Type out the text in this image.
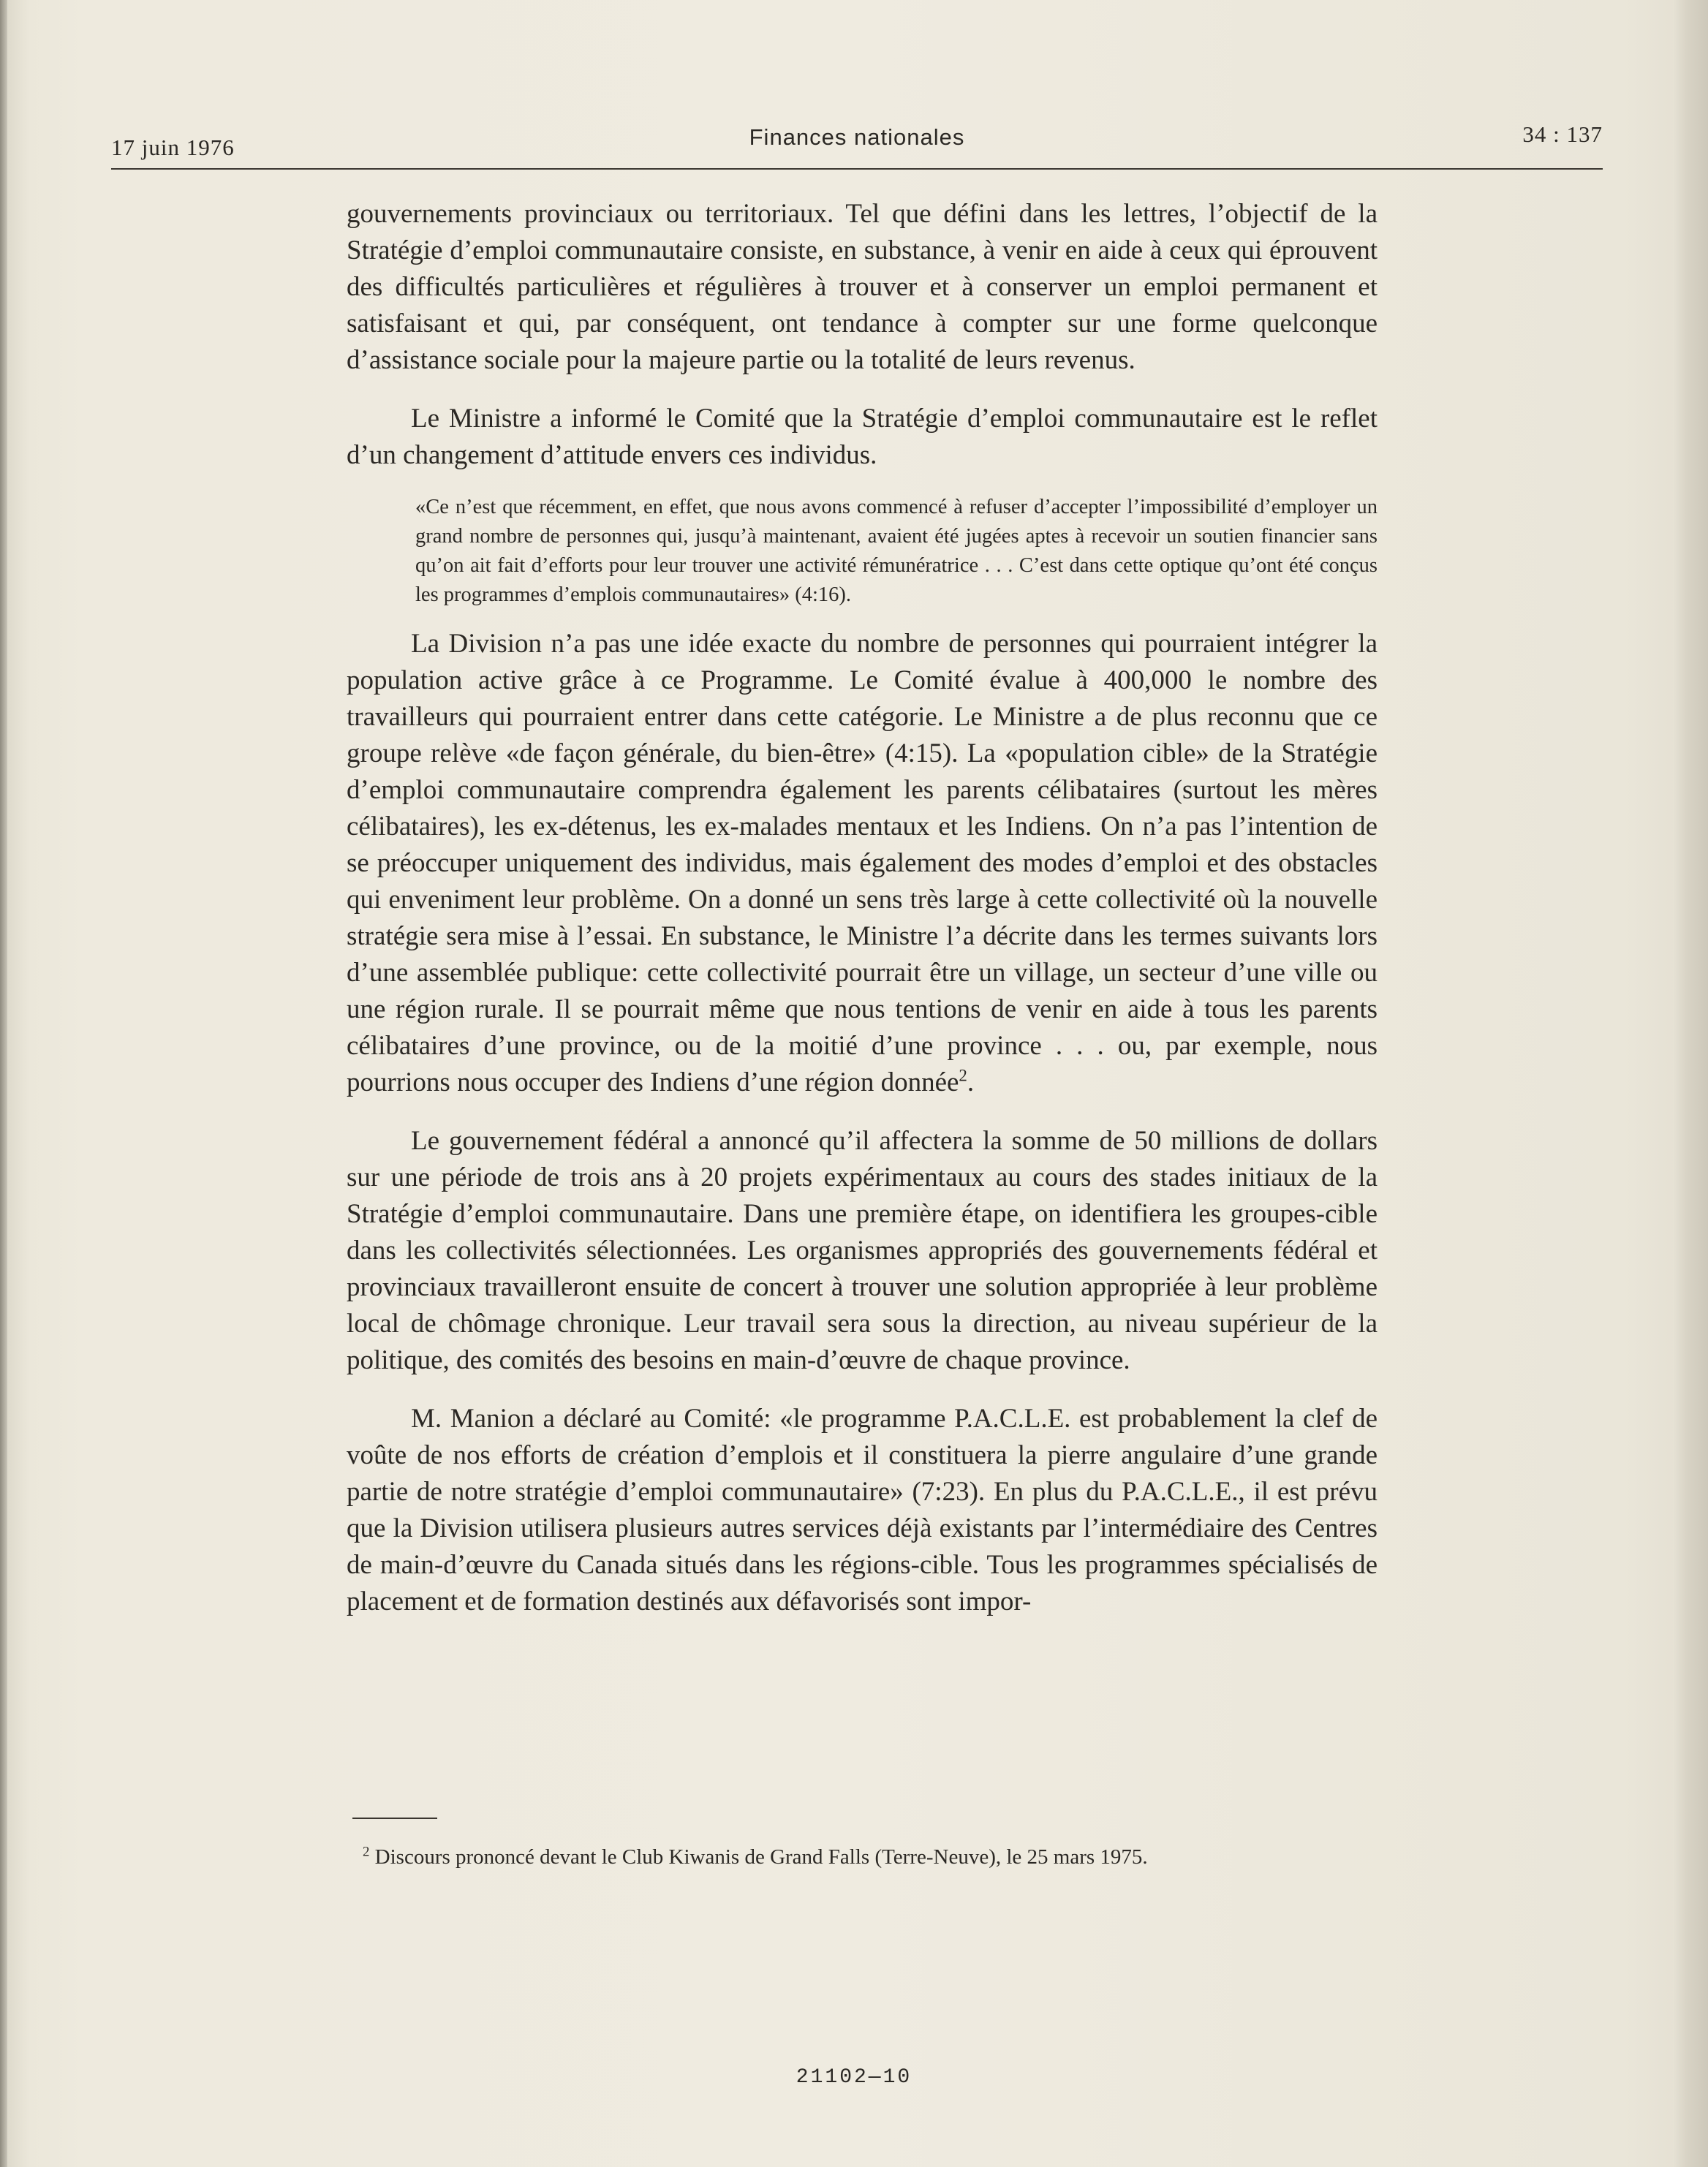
17 juin 1976	Finances nationales	34 : 137

gouvernements provinciaux ou territoriaux. Tel que défini dans les lettres, l’objectif de la Stratégie d’emploi communautaire consiste, en substance, à venir en aide à ceux qui éprouvent des difficultés particulières et régulières à trouver et à conserver un emploi permanent et satisfaisant et qui, par conséquent, ont tendance à compter sur une forme quelconque d’assistance sociale pour la majeure partie ou la totalité de leurs revenus.

Le Ministre a informé le Comité que la Stratégie d’emploi communautaire est le reflet d’un changement d’attitude envers ces individus.

«Ce n’est que récemment, en effet, que nous avons commencé à refuser d’accepter l’impossibilité d’employer un grand nombre de personnes qui, jusqu’à maintenant, avaient été jugées aptes à recevoir un soutien financier sans qu’on ait fait d’efforts pour leur trouver une activité rémunératrice . . . C’est dans cette optique qu’ont été conçus les programmes d’emplois communautaires» (4:16).

La Division n’a pas une idée exacte du nombre de personnes qui pourraient intégrer la population active grâce à ce Programme. Le Comité évalue à 400,000 le nombre des travailleurs qui pourraient entrer dans cette catégorie. Le Ministre a de plus reconnu que ce groupe relève «de façon générale, du bien-être» (4:15). La «population cible» de la Stratégie d’emploi communautaire comprendra également les parents célibataires (surtout les mères célibataires), les ex-détenus, les ex-malades mentaux et les Indiens. On n’a pas l’intention de se préoccuper uniquement des individus, mais également des modes d’emploi et des obstacles qui enveniment leur problème. On a donné un sens très large à cette collectivité où la nouvelle stratégie sera mise à l’essai. En substance, le Ministre l’a décrite dans les termes suivants lors d’une assemblée publique: cette collectivité pourrait être un village, un secteur d’une ville ou une région rurale. Il se pourrait même que nous tentions de venir en aide à tous les parents célibataires d’une province, ou de la moitié d’une province . . . ou, par exemple, nous pourrions nous occuper des Indiens d’une région donnée$^2$.

Le gouvernement fédéral a annoncé qu’il affectera la somme de 50 millions de dollars sur une période de trois ans à 20 projets expérimentaux au cours des stades initiaux de la Stratégie d’emploi communautaire. Dans une première étape, on identifiera les groupes-cible dans les collectivités sélectionnées. Les organismes appropriés des gouvernements fédéral et provinciaux travailleront ensuite de concert à trouver une solution appropriée à leur problème local de chômage chronique. Leur travail sera sous la direction, au niveau supérieur de la politique, des comités des besoins en main-d’œuvre de chaque province.

M. Manion a déclaré au Comité: «le programme P.A.C.L.E. est probablement la clef de voûte de nos efforts de création d’emplois et il constituera la pierre angulaire d’une grande partie de notre stratégie d’emploi communautaire» (7:23). En plus du P.A.C.L.E., il est prévu que la Division utilisera plusieurs autres services déjà existants par l’intermédiaire des Centres de main-d’œuvre du Canada situés dans les régions-cible. Tous les programmes spécialisés de placement et de formation destinés aux défavorisés sont impor-

$^2$ Discours prononcé devant le Club Kiwanis de Grand Falls (Terre-Neuve), le 25 mars 1975.
21102—10
